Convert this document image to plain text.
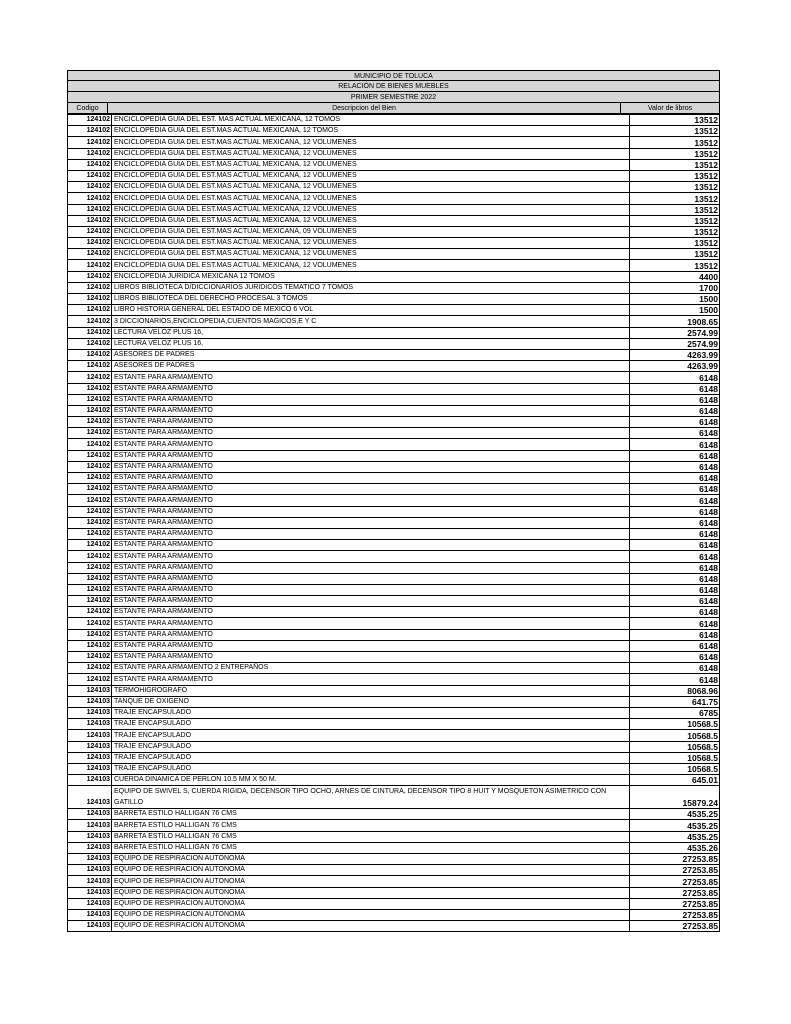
MUNICIPIO DE TOLUCA
RELACIÓN DE BIENES MUEBLES
PRIMER SEMESTRE 2022
Codigo	Descripcion del Bien	Valor de libros
124102	ENCICLOPEDIA GUIA DEL EST. MAS ACTUAL MEXICANA, 12 TOMOS	13512
124102	ENCICLOPEDIA GUIA DEL EST.MAS ACTUAL MEXICANA, 12 TOMOS	13512
124102	ENCICLOPEDIA GUIA DEL EST.MAS ACTUAL MEXICANA, 12 VOLUMENES	13512
124102	ENCICLOPEDIA GUIA DEL EST.MAS ACTUAL MEXICANA, 12 VOLUMENES	13512
124102	ENCICLOPEDIA GUIA DEL EST.MAS ACTUAL MEXICANA, 12 VOLUMENES	13512
124102	ENCICLOPEDIA GUIA DEL EST.MAS ACTUAL MEXICANA, 12 VOLUMENES	13512
124102	ENCICLOPEDIA GUIA DEL EST.MAS ACTUAL MEXICANA, 12 VOLUMENES	13512
124102	ENCICLOPEDIA GUIA DEL EST.MAS ACTUAL MEXICANA, 12 VOLUMENES	13512
124102	ENCICLOPEDIA GUIA DEL EST.MAS ACTUAL MEXICANA, 12 VOLUMENES	13512
124102	ENCICLOPEDIA GUIA DEL EST.MAS ACTUAL MEXICANA, 12 VOLUMENES	13512
124102	ENCICLOPEDIA GUIA DEL EST.MAS ACTUAL MEXICANA, 09 VOLUMENES	13512
124102	ENCICLOPEDIA GUIA DEL EST.MAS ACTUAL MEXICANA, 12 VOLUMENES	13512
124102	ENCICLOPEDIA GUIA DEL EST.MAS ACTUAL MEXICANA, 12 VOLUMENES	13512
124102	ENCICLOPEDIA GUIA DEL EST.MAS ACTUAL MEXICANA, 12 VOLUMENES	13512
124102	ENCICLOPEDIA JURIDICA MEXICANA 12 TOMOS	4400
124102	LIBROS BIBLIOTECA D/DICCIONARIOS JURIDICOS TEMATICO 7 TOMOS	1700
124102	LIBROS BIBLIOTECA DEL DERECHO PROCESAL 3 TOMOS	1500
124102	LIBRO HISTORIA GENERAL DEL ESTADO DE MEXICO 6 VOL	1500
124102	3 DICCIONARIOS,ENCICLOPEDIA,CUENTOS MAGICOS,E Y C	1908.65
124102	LECTURA VELOZ PLUS 16,	2574.99
124102	LECTURA VELOZ PLUS 16,	2574.99
124102	ASESORES DE PADRES	4263.99
124102	ASESORES DE PADRES	4263.99
124102	ESTANTE PARA ARMAMENTO	6148
124102	ESTANTE PARA ARMAMENTO	6148
124102	ESTANTE PARA ARMAMENTO	6148
124102	ESTANTE PARA ARMAMENTO	6148
124102	ESTANTE PARA ARMAMENTO	6148
124102	ESTANTE PARA ARMAMENTO	6148
124102	ESTANTE PARA ARMAMENTO	6148
124102	ESTANTE PARA ARMAMENTO	6148
124102	ESTANTE PARA ARMAMENTO	6148
124102	ESTANTE PARA ARMAMENTO	6148
124102	ESTANTE PARA ARMAMENTO	6148
124102	ESTANTE PARA ARMAMENTO	6148
124102	ESTANTE PARA ARMAMENTO	6148
124102	ESTANTE PARA ARMAMENTO	6148
124102	ESTANTE PARA ARMAMENTO	6148
124102	ESTANTE PARA ARMAMENTO	6148
124102	ESTANTE PARA ARMAMENTO	6148
124102	ESTANTE PARA ARMAMENTO	6148
124102	ESTANTE PARA ARMAMENTO	6148
124102	ESTANTE PARA ARMAMENTO	6148
124102	ESTANTE PARA ARMAMENTO	6148
124102	ESTANTE PARA ARMAMENTO	6148
124102	ESTANTE PARA ARMAMENTO	6148
124102	ESTANTE PARA ARMAMENTO	6148
124102	ESTANTE PARA ARMAMENTO	6148
124102	ESTANTE PARA ARMAMENTO	6148
124102	ESTANTE PARA ARMAMENTO 2 ENTREPAÑOS	6148
124102	ESTANTE PARA ARMAMENTO	6148
124103	TERMOHIGROGRAFO	8068.96
124103	TANQUE DE OXIGENO	641.75
124103	TRAJE ENCAPSULADO	6785
124103	TRAJE ENCAPSULADO	10568.5
124103	TRAJE ENCAPSULADO	10568.5
124103	TRAJE ENCAPSULADO	10568.5
124103	TRAJE ENCAPSULADO	10568.5
124103	TRAJE ENCAPSULADO	10568.5
124103	CUERDA DINAMICA DE PERLON 10.5 MM X 50 M.	645.01
124103	EQUIPO DE SWIVEL S, CUERDA RIGIDA, DECENSOR TIPO OCHO, ARNES DE CINTURA, DECENSOR TIPO 8 HUIT Y MOSQUETON ASIMETRICO CON GATILLO	15879.24
124103	BARRETA ESTILO HALLIGAN 76 CMS	4535.25
124103	BARRETA ESTILO HALLIGAN 76 CMS	4535.25
124103	BARRETA ESTILO HALLIGAN 76 CMS	4535.25
124103	BARRETA ESTILO HALLIGAN 76 CMS	4535.26
124103	EQUIPO DE RESPIRACION AUTONOMA	27253.85
124103	EQUIPO DE RESPIRACION AUTONOMA	27253.85
124103	EQUIPO DE RESPIRACION AUTONOMA	27253.85
124103	EQUIPO DE RESPIRACION AUTONOMA	27253.85
124103	EQUIPO DE RESPIRACION AUTONOMA	27253.85
124103	EQUIPO DE RESPIRACION AUTONOMA	27253.85
124103	EQUIPO DE RESPIRACION AUTONOMA	27253.85
